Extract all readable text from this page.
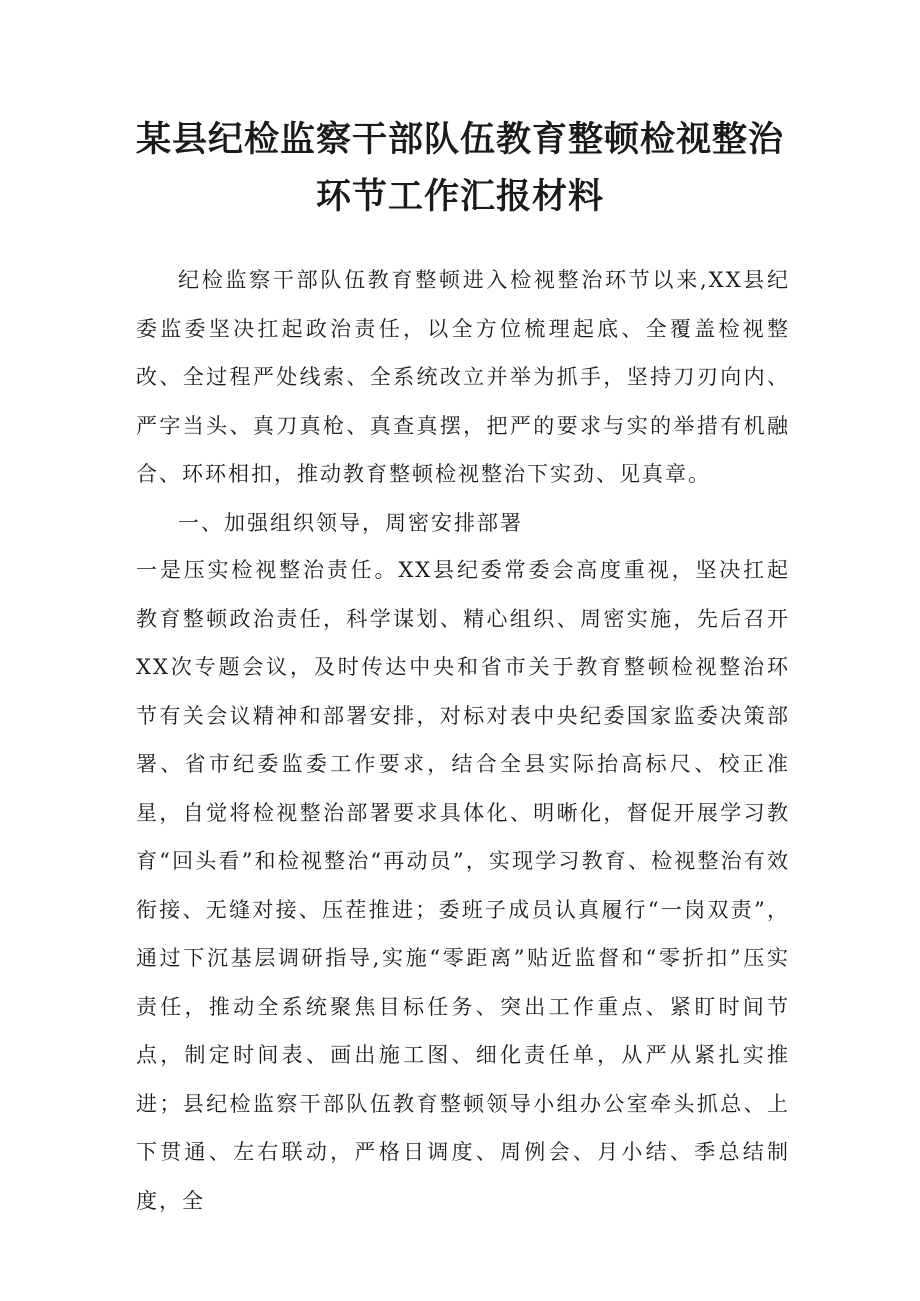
某县纪检监察干部队伍教育整顿检视整治
环节工作汇报材料

纪检监察干部队伍教育整顿进入检视整治环节以来,XX县纪委监委坚决扛起政治责任，以全方位梳理起底、全覆盖检视整改、全过程严处线索、全系统改立并举为抓手，坚持刀刃向内、严字当头、真刀真枪、真查真摆，把严的要求与实的举措有机融合、环环相扣，推动教育整顿检视整治下实劲、见真章。

一、加强组织领导，周密安排部署

一是压实检视整治责任。XX县纪委常委会高度重视，坚决扛起教育整顿政治责任，科学谋划、精心组织、周密实施，先后召开XX次专题会议，及时传达中央和省市关于教育整顿检视整治环节有关会议精神和部署安排，对标对表中央纪委国家监委决策部署、省市纪委监委工作要求，结合全县实际抬高标尺、校正准星，自觉将检视整治部署要求具体化、明晰化，督促开展学习教育“回头看”和检视整治“再动员”，实现学习教育、检视整治有效衔接、无缝对接、压茬推进；委班子成员认真履行“一岗双责”，通过下沉基层调研指导,实施“零距离”贴近监督和“零折扣”压实责任，推动全系统聚焦目标任务、突出工作重点、紧盯时间节点，制定时间表、画出施工图、细化责任单，从严从紧扎实推进；县纪检监察干部队伍教育整顿领导小组办公室牵头抓总、上下贯通、左右联动，严格日调度、周例会、月小结、季总结制度，全
